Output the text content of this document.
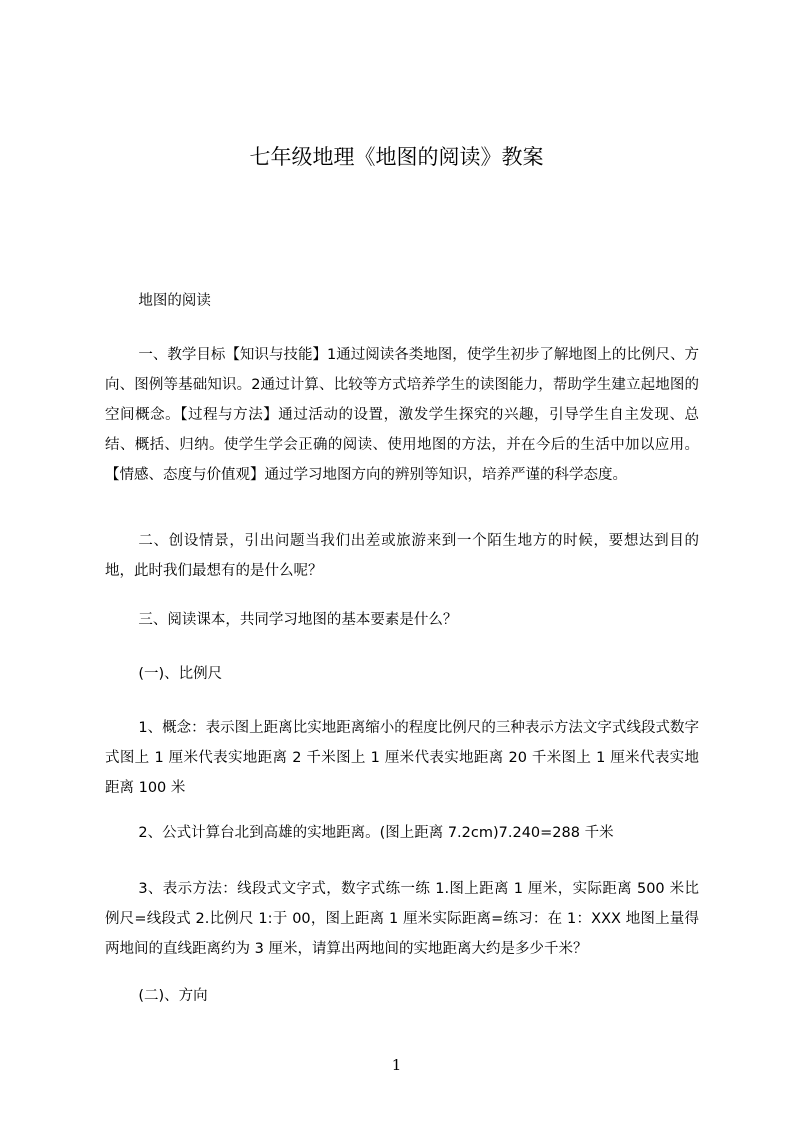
七年级地理《地图的阅读》教案
地图的阅读
一、教学目标【知识与技能】1通过阅读各类地图，使学生初步了解地图上的比例尺、方向、图例等基础知识。2通过计算、比较等方式培养学生的读图能力，帮助学生建立起地图的空间概念。【过程与方法】通过活动的设置，激发学生探究的兴趣，引导学生自主发现、总结、概括、归纳。使学生学会正确的阅读、使用地图的方法，并在今后的生活中加以应用。【情感、态度与价值观】通过学习地图方向的辨别等知识，培养严谨的科学态度。
二、创设情景，引出问题当我们出差或旅游来到一个陌生地方的时候，要想达到目的地，此时我们最想有的是什么呢？
三、阅读课本，共同学习地图的基本要素是什么？
(一)、比例尺
1、概念：表示图上距离比实地距离缩小的程度比例尺的三种表示方法文字式线段式数字式图上 1 厘米代表实地距离 2 千米图上 1 厘米代表实地距离 20 千米图上 1 厘米代表实地距离 100 米
2、公式计算台北到高雄的实地距离。(图上距离 7.2cm)7.240=288 千米
3、表示方法：线段式文字式，数字式练一练 1.图上距离 1 厘米，实际距离 500 米比例尺=线段式 2.比例尺 1:于 00，图上距离 1 厘米实际距离=练习：在 1：XXX 地图上量得两地间的直线距离约为 3 厘米，请算出两地间的实地距离大约是多少千米？
(二)、方向
1
